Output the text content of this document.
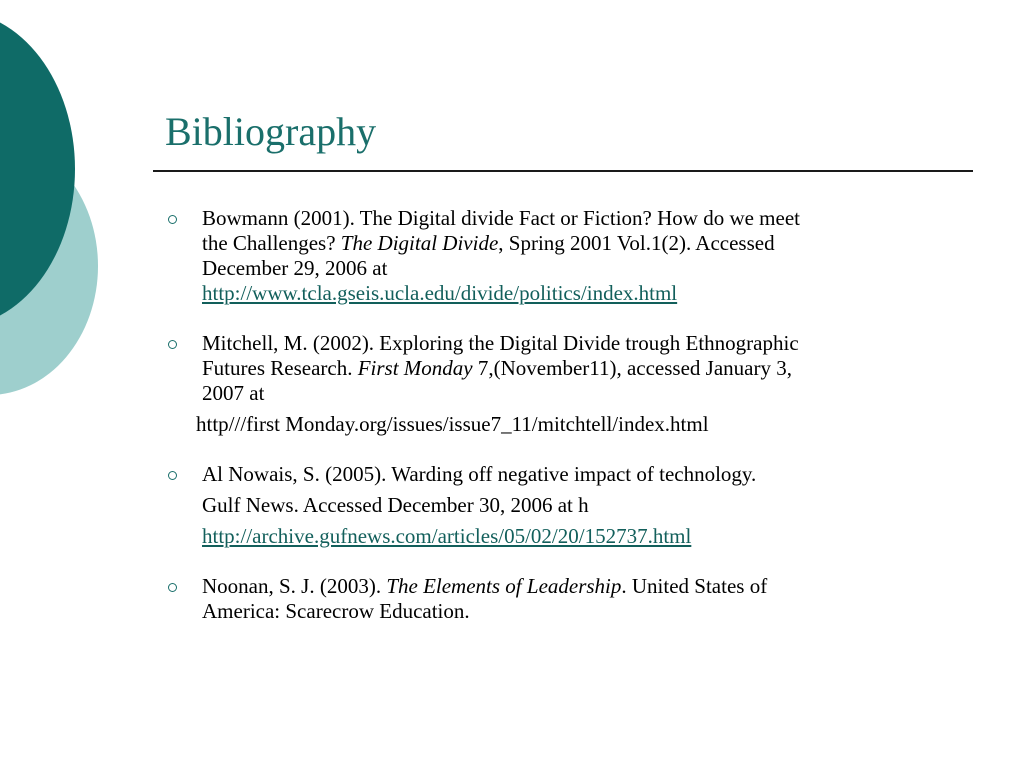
Bibliography
Bowmann (2001). The Digital divide Fact or Fiction? How do we meet
the Challenges? The Digital Divide, Spring 2001 Vol.1(2). Accessed
December 29, 2006 at
http://www.tcla.gseis.ucla.edu/divide/politics/index.html
Mitchell, M. (2002). Exploring the Digital Divide trough Ethnographic
Futures Research. First Monday 7,(November11), accessed January 3,
2007 at
http///first Monday.org/issues/issue7_11/mitchtell/index.html
Al Nowais, S. (2005). Warding off negative impact of technology.
Gulf News. Accessed December 30, 2006 at h
http://archive.gufnews.com/articles/05/02/20/152737.html
Noonan, S. J. (2003). The Elements of Leadership. United States of
America: Scarecrow Education.
